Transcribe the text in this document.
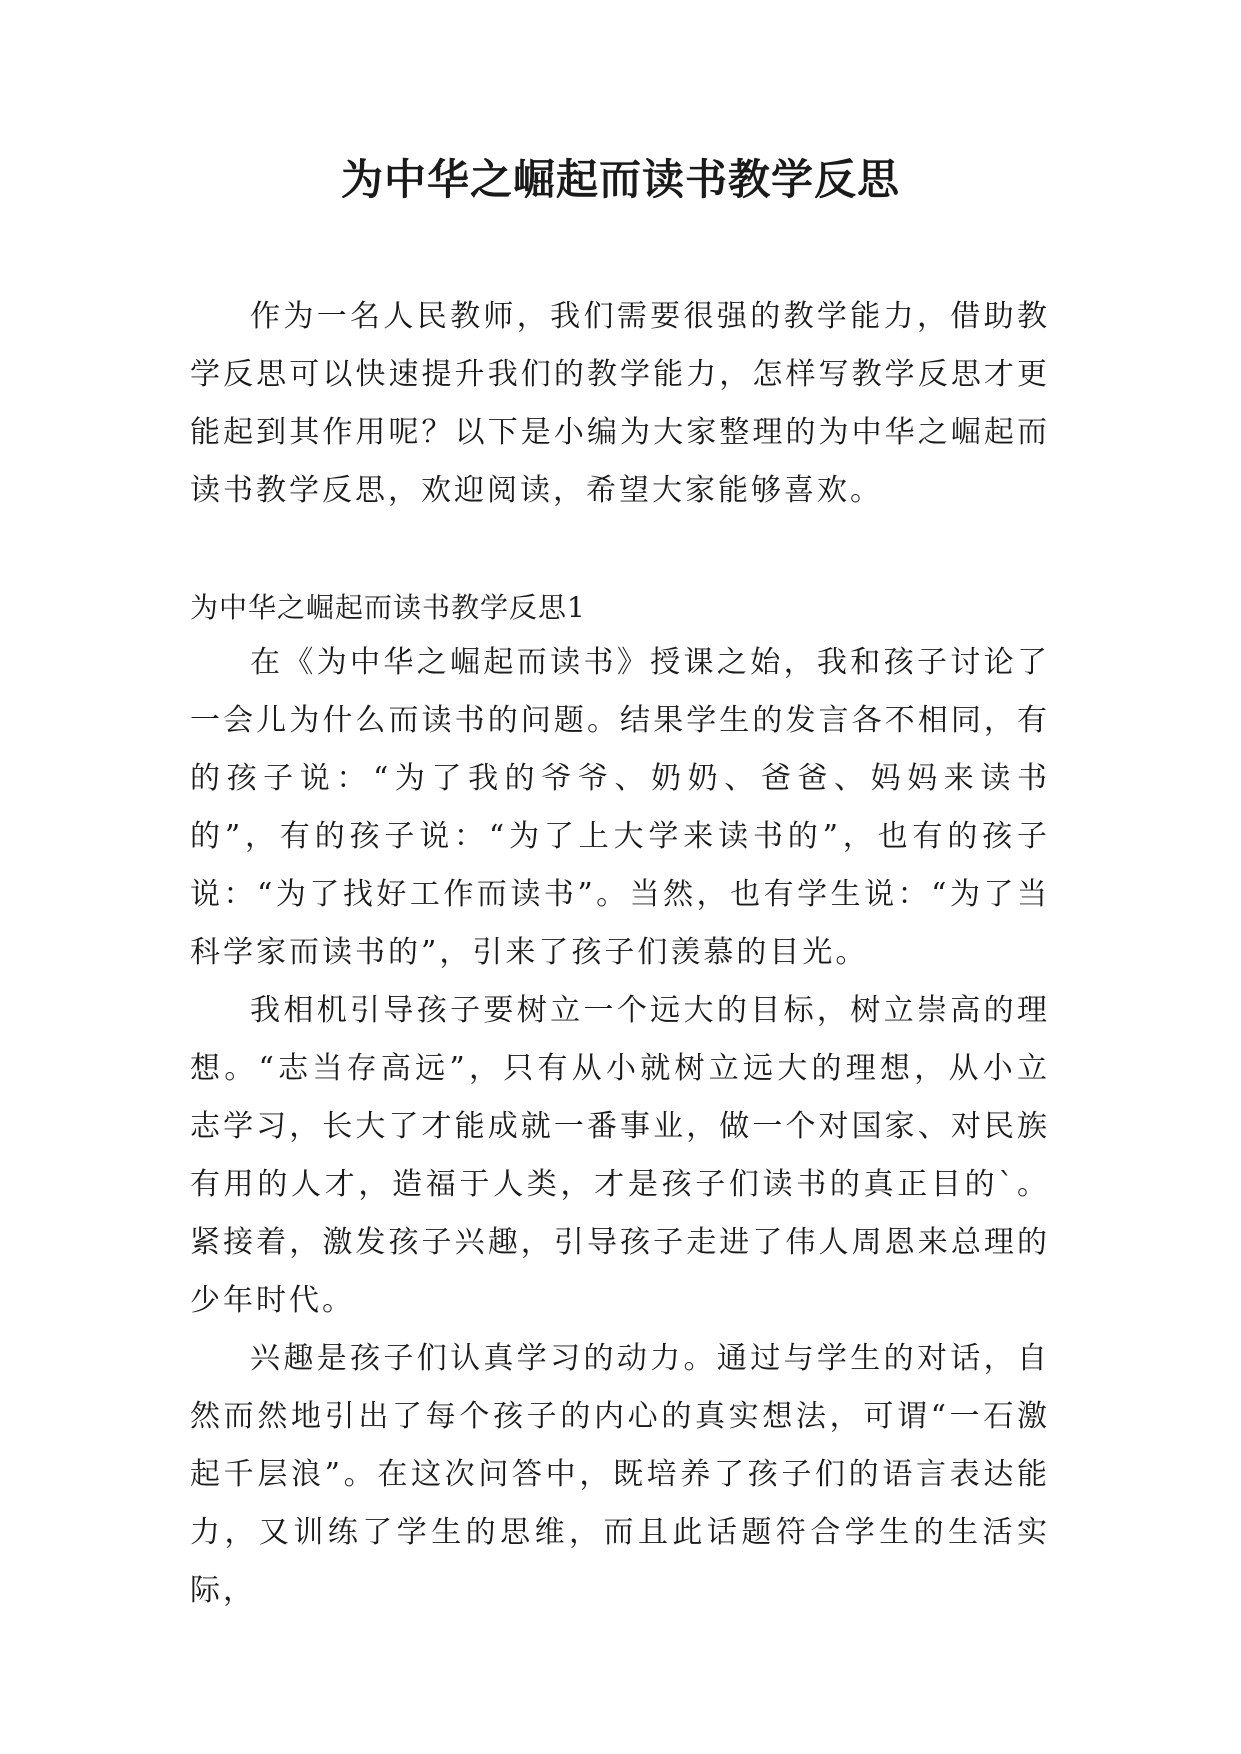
为中华之崛起而读书教学反思

作为一名人民教师，我们需要很强的教学能力，借助教学反思可以快速提升我们的教学能力，怎样写教学反思才更能起到其作用呢？以下是小编为大家整理的为中华之崛起而读书教学反思，欢迎阅读，希望大家能够喜欢。

为中华之崛起而读书教学反思1

在《为中华之崛起而读书》授课之始，我和孩子讨论了一会儿为什么而读书的问题。结果学生的发言各不相同，有的孩子说：“为了我的爷爷、奶奶、爸爸、妈妈来读书的”，有的孩子说：“为了上大学来读书的”，也有的孩子说：“为了找好工作而读书”。当然，也有学生说：“为了当科学家而读书的”，引来了孩子们羡慕的目光。

我相机引导孩子要树立一个远大的目标，树立崇高的理想。“志当存高远”，只有从小就树立远大的理想，从小立志学习，长大了才能成就一番事业，做一个对国家、对民族有用的人才，造福于人类，才是孩子们读书的真正目的`。紧接着，激发孩子兴趣，引导孩子走进了伟人周恩来总理的少年时代。

兴趣是孩子们认真学习的动力。通过与学生的对话，自然而然地引出了每个孩子的内心的真实想法，可谓“一石激起千层浪”。在这次问答中，既培养了孩子们的语言表达能力，又训练了学生的思维，而且此话题符合学生的生活实际，
